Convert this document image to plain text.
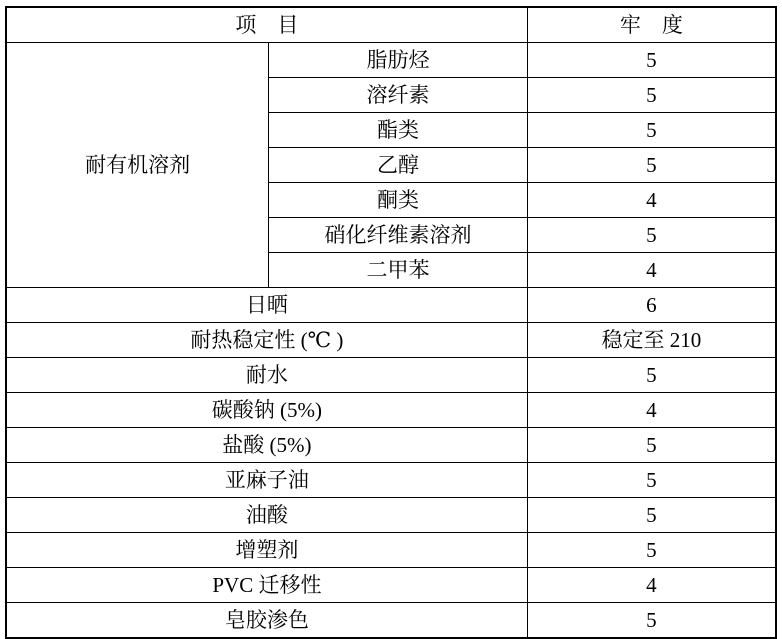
项　目		牢　度
耐有机溶剂	脂肪烃	5
	溶纤素	5
	酯类	5
	乙醇	5
	酮类	4
	硝化纤维素溶剂	5
	二甲苯	4
日晒		6
耐热稳定性 (℃ )		稳定至 210
耐水		5
碳酸钠 (5%)		4
盐酸 (5%)		5
亚麻子油		5
油酸		5
增塑剂		5
PVC 迁移性		4
皂胶渗色		5
